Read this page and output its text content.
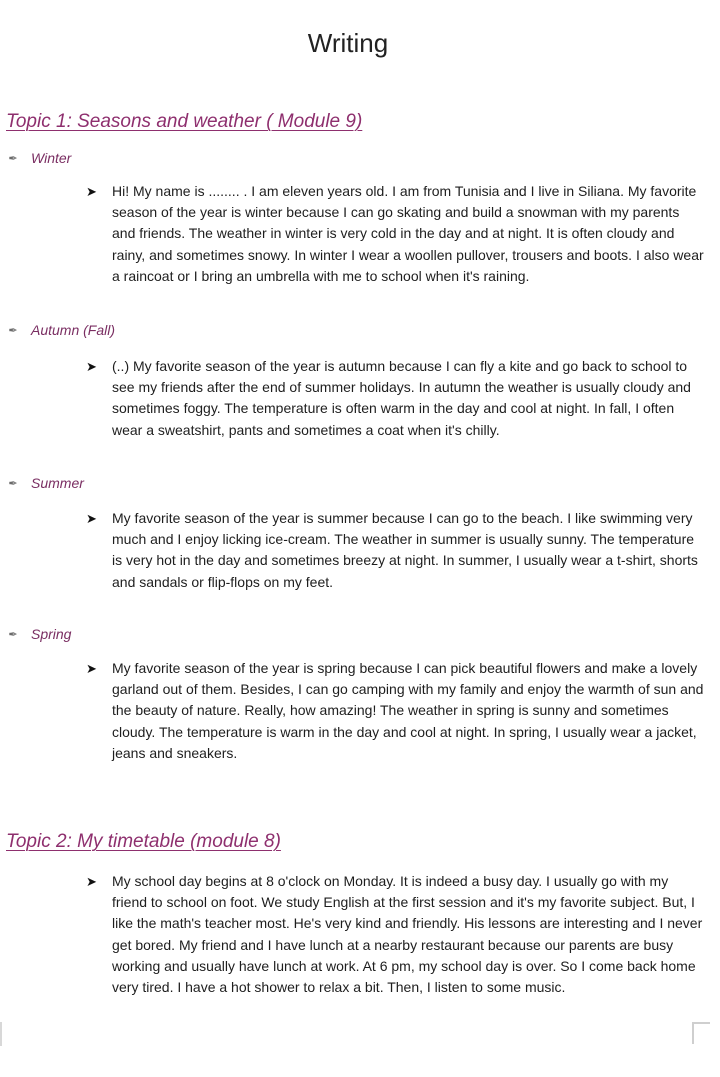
Writing
Topic 1: Seasons and weather ( Module 9)
✒ Winter
➤	Hi! My name is ........ . I am eleven years old. I am from Tunisia and I live in Siliana. My favorite season of the year is winter because I can go skating and build a snowman with my parents and friends. The weather in winter is very cold in the day and at night. It is often cloudy and rainy, and sometimes snowy. In winter I wear a woollen pullover, trousers and boots. I also wear a raincoat or I bring an umbrella with me to school when it's raining.
✒ Autumn (Fall)
➤	(..) My favorite season of the year is autumn because I can fly a kite and go back to school to see my friends after the end of summer holidays. In autumn the weather is usually cloudy and sometimes foggy. The temperature is often warm in the day and cool at night. In fall, I often wear a sweatshirt, pants and sometimes a coat when it's chilly.
✒ Summer
➤	My favorite season of the year is summer because I can go to the beach. I like swimming very much and I enjoy licking ice-cream. The weather in summer is usually sunny. The temperature is very hot in the day and sometimes breezy at night. In summer, I usually wear a t-shirt, shorts and sandals or flip-flops on my feet.
✒ Spring
➤	My favorite season of the year is spring because I can pick beautiful flowers and make a lovely garland out of them. Besides, I can go camping with my family and enjoy the warmth of sun and the beauty of nature. Really, how amazing! The weather in spring is sunny and sometimes cloudy. The temperature is warm in the day and cool at night. In spring, I usually wear a jacket, jeans and sneakers.
Topic 2: My timetable (module 8)
➤	My school day begins at 8 o'clock on Monday. It is indeed a busy day. I usually go with my friend to school on foot. We study English at the first session and it's my favorite subject. But, I like the math's teacher most. He's very kind and friendly. His lessons are interesting and I never get bored. My friend and I have lunch at a nearby restaurant because our parents are busy working and usually have lunch at work. At 6 pm, my school day is over. So I come back home very tired. I have a hot shower to relax a bit. Then, I listen to some music.
